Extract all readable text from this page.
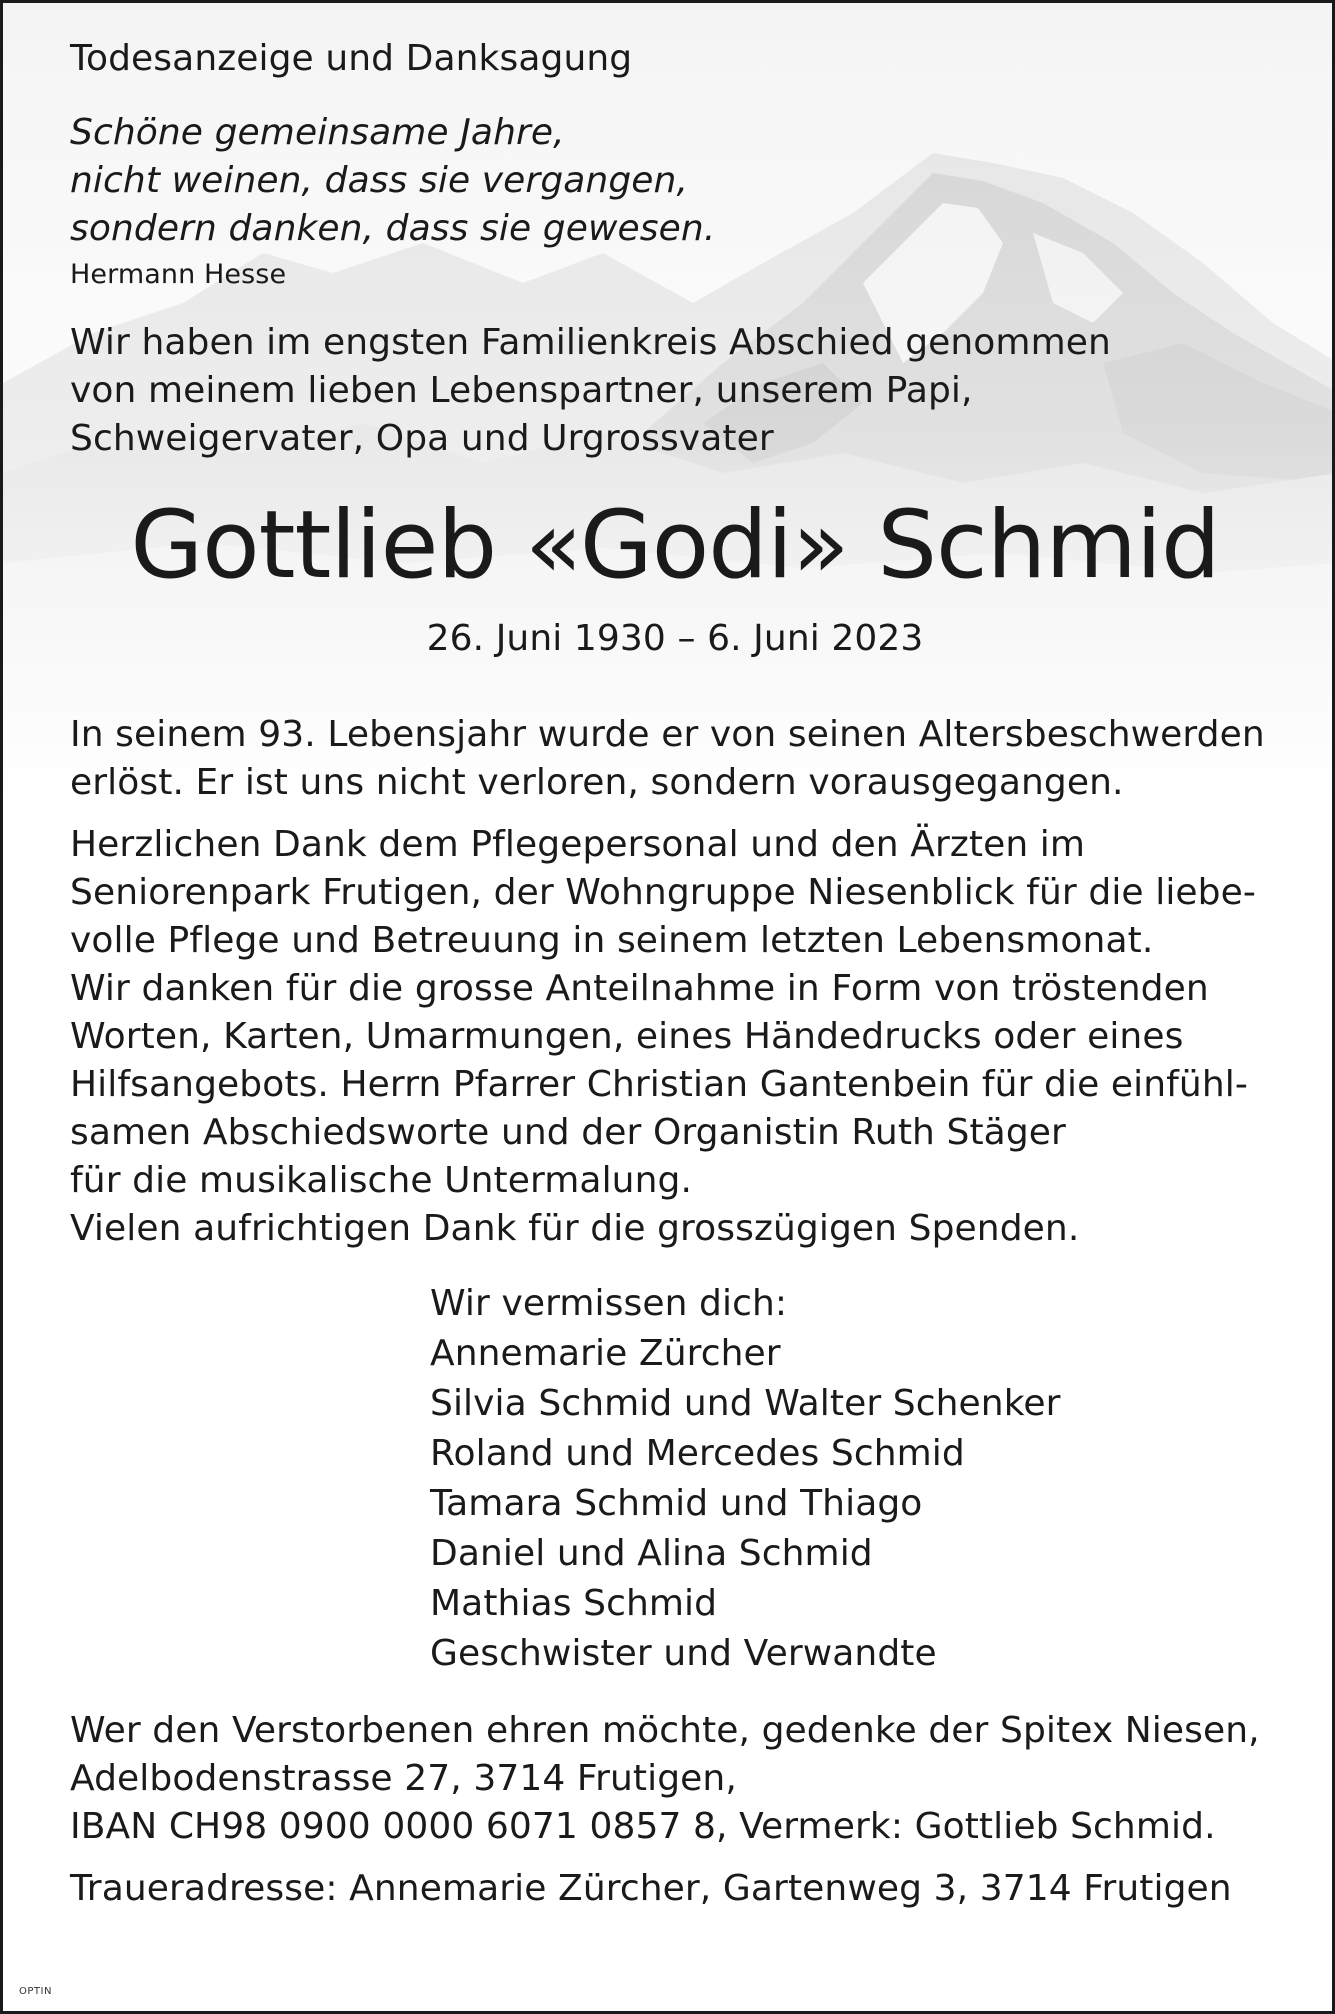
Todesanzeige und Danksagung
Schöne gemeinsame Jahre,
nicht weinen, dass sie vergangen,
sondern danken, dass sie gewesen.
Hermann Hesse
Wir haben im engsten Familienkreis Abschied genommen
von meinem lieben Lebenspartner, unserem Papi,
Schweigervater, Opa und Urgrossvater
Gottlieb «Godi» Schmid
26. Juni 1930 – 6. Juni 2023
In seinem 93. Lebensjahr wurde er von seinen Altersbeschwerden
erlöst. Er ist uns nicht verloren, sondern vorausgegangen.
Herzlichen Dank dem Pflegepersonal und den Ärzten im
Seniorenpark Frutigen, der Wohngruppe Niesenblick für die liebe-
volle Pflege und Betreuung in seinem letzten Lebensmonat.
Wir danken für die grosse Anteilnahme in Form von tröstenden
Worten, Karten, Umarmungen, eines Händedrucks oder eines
Hilfsangebots. Herrn Pfarrer Christian Gantenbein für die einfühl-
samen Abschiedsworte und der Organistin Ruth Stäger
für die musikalische Untermalung.
Vielen aufrichtigen Dank für die grosszügigen Spenden.
Wir vermissen dich:
Annemarie Zürcher
Silvia Schmid und Walter Schenker
Roland und Mercedes Schmid
Tamara Schmid und Thiago
Daniel und Alina Schmid
Mathias Schmid
Geschwister und Verwandte
Wer den Verstorbenen ehren möchte, gedenke der Spitex Niesen,
Adelbodenstrasse 27, 3714 Frutigen,
IBAN CH98 0900 0000 6071 0857 8, Vermerk: Gottlieb Schmid.
Traueradresse: Annemarie Zürcher, Gartenweg 3, 3714 Frutigen
OPTIN
